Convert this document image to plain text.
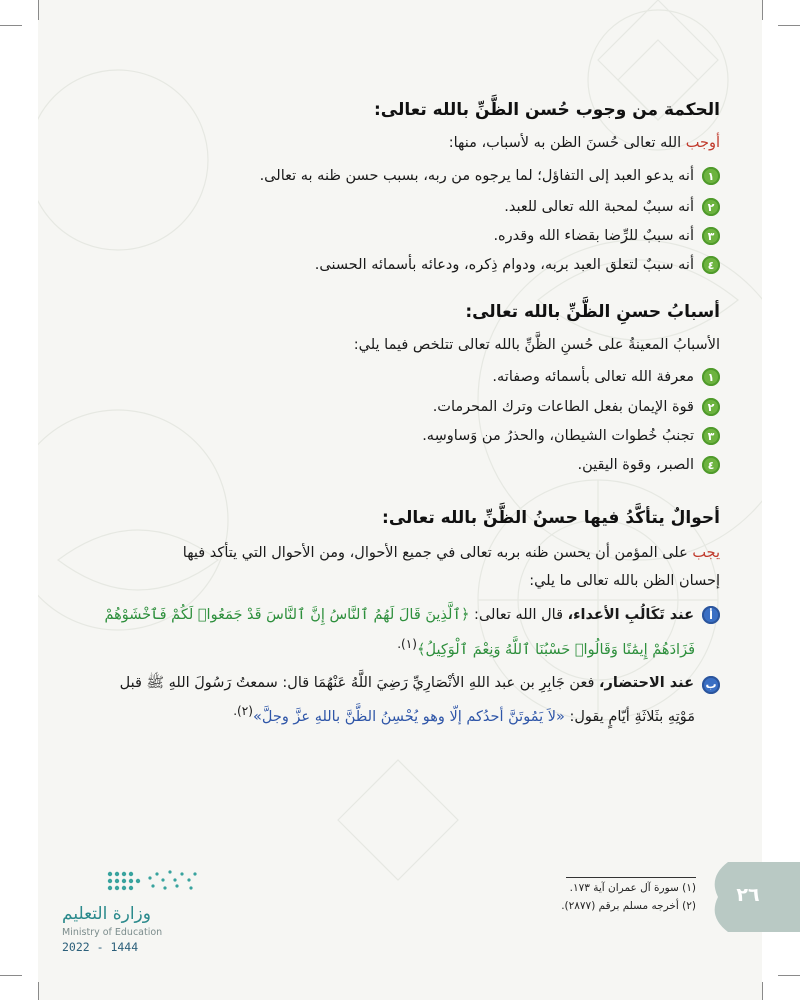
الحكمة من وجوب حُسن الظَّنِّ بالله تعالى:
أوجب الله تعالى حُسنَ الظن به لأسباب، منها:
١
أنه يدعو العبد إلى التفاؤل؛ لما يرجوه من ربه، بسبب حسن ظنه به تعالى.
٢
أنه سببٌ لمحبة الله تعالى للعبد.
٣
أنه سببٌ للرِّضا بقضاء الله وقدره.
٤
أنه سببٌ لتعلق العبد بربه، ودوام ذِكره، ودعائه بأسمائه الحسنى.
أسبابُ حسنِ الظَّنِّ بالله تعالى:
الأسبابُ المعينةُ على حُسنِ الظَّنِّ بالله تعالى تتلخص فيما يلي:
١
معرفة الله تعالى بأسمائه وصفاته.
٢
قوة الإيمان بفعل الطاعات وترك المحرمات.
٣
تجنبُ خُطوات الشيطان، والحذرُ من وَساوسِه.
٤
الصبر، وقوة اليقين.
أحوالٌ يتأكَّدُ فيها حسنُ الظَّنِّ بالله تعالى:
يجب على المؤمن أن يحسن ظنه بربه تعالى في جميع الأحوال، ومن الأحوال التي يتأكد فيها
إحسان الظن بالله تعالى ما يلي:
أ
عند تَكَالُبِ الأعداء، قال الله تعالى: ﴿ٱلَّذِينَ قَالَ لَهُمُ ٱلنَّاسُ إِنَّ ٱلنَّاسَ قَدْ جَمَعُوا۟ لَكُمْ فَٱخْشَوْهُمْ
فَزَادَهُمْ إِيمَٰنًا وَقَالُوا۟ حَسْبُنَا ٱللَّهُ وَنِعْمَ ٱلْوَكِيلُ﴾$^{(١).}$
ب
عند الاحتضار، فعن جَابِرِ بن عبد اللهِ الأنْصَارِيِّ رَضِيَ اللَّهُ عَنْهُمَا قال: سمعتُ رَسُولَ اللهِ ﷺ قبل
مَوْتِهِ بثَلاثَةِ أيّامٍ يقول: «لاَ يَمُوتَنَّ أحدُكم إلّا وهو يُحْسِنُ الظَّنَّ باللهِ عزَّ وجلَّ»$^{(٢).}$
(١) سورة آل عمران آية ١٧٣.
(٢) أخرجه مسلم برقم (٢٨٧٧).	٢٦
وزارة التعليم
Ministry of Education
2022 - 1444
